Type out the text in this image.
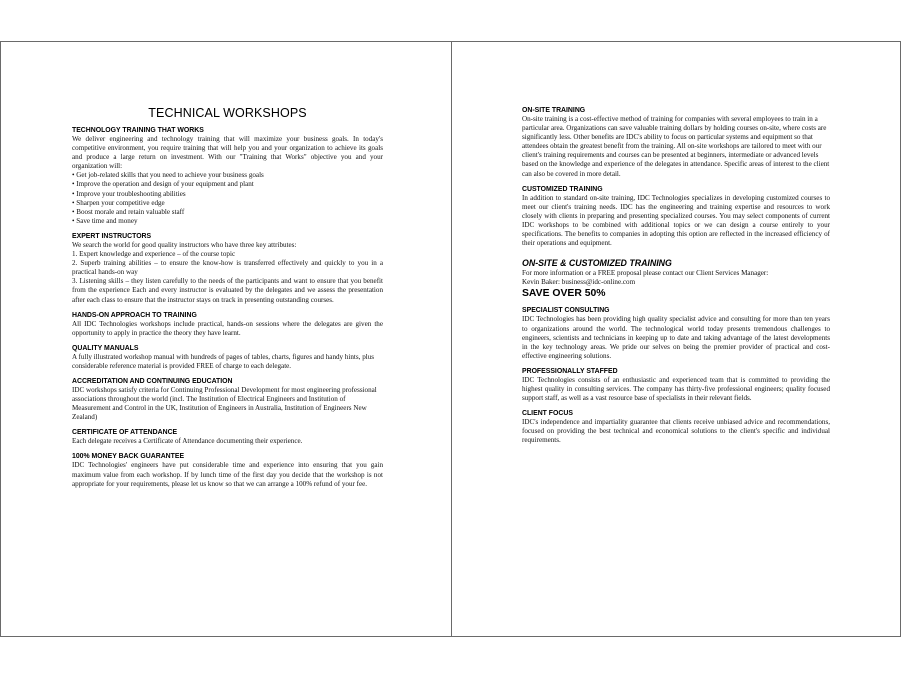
TECHNICAL WORKSHOPS
TECHNOLOGY TRAINING THAT WORKS

We deliver engineering and technology training that will maximize your business goals. In today's competitive environment, you require training that will help you and your organization to achieve its goals and produce a large return on investment. With our "Training that Works" objective you and your organization will:

• Get job-related skills that you need to achieve your business goals

• Improve the operation and design of your equipment and plant

• Improve your troubleshooting abilities

• Sharpen your competitive edge

• Boost morale and retain valuable staff

• Save time and money

EXPERT INSTRUCTORS

We search the world for good quality instructors who have three key attributes:

1. Expert knowledge and experience – of the course topic

2. Superb training abilities – to ensure the know-how is transferred effectively and quickly to you in a practical hands-on way

3. Listening skills – they listen carefully to the needs of the participants and want to ensure that you benefit from the experience Each and every instructor is evaluated by the delegates and we assess the presentation after each class to ensure that the instructor stays on track in presenting outstanding courses.

HANDS-ON APPROACH TO TRAINING

All IDC Technologies workshops include practical, hands-on sessions where the delegates are given the opportunity to apply in practice the theory they have learnt.

QUALITY MANUALS

A fully illustrated workshop manual with hundreds of pages of tables, charts, figures and handy hints, plus considerable reference material is provided FREE of charge to each delegate.

ACCREDITATION AND CONTINUING EDUCATION

IDC workshops satisfy criteria for Continuing Professional Development for most engineering professional associations throughout the world (incl. The Institution of Electrical Engineers and Institution of Measurement and Control in the UK, Institution of Engineers in Australia, Institution of Engineers New Zealand)

CERTIFICATE OF ATTENDANCE

Each delegate receives a Certificate of Attendance documenting their experience.

100% MONEY BACK GUARANTEE

IDC Technologies' engineers have put considerable time and experience into ensuring that you gain maximum value from each workshop. If by lunch time of the first day you decide that the workshop is not appropriate for your requirements, please let us know so that we can arrange a 100% refund of your fee.

ON-SITE TRAINING

On-site training is a cost-effective method of training for companies with several employees to train in a particular area. Organizations can save valuable training dollars by holding courses on-site, where costs are significantly less. Other benefits are IDC's ability to focus on particular systems and equipment so that attendees obtain the greatest benefit from the training. All on-site workshops are tailored to meet with our client's training requirements and courses can be presented at beginners, intermediate or advanced levels based on the knowledge and experience of the delegates in attendance. Specific areas of interest to the client can also be covered in more detail.

CUSTOMIZED TRAINING

In addition to standard on-site training, IDC Technologies specializes in developing customized courses to meet our client's training needs. IDC has the engineering and training expertise and resources to work closely with clients in preparing and presenting specialized courses. You may select components of current IDC workshops to be combined with additional topics or we can design a course entirely to your specifications. The benefits to companies in adopting this option are reflected in the increased efficiency of their operations and equipment.

ON-SITE & CUSTOMIZED TRAINING

For more information or a FREE proposal please contact our Client Services Manager:

Kevin Baker: business@idc-online.com

SAVE OVER 50%
SPECIALIST CONSULTING

IDC Technologies has been providing high quality specialist advice and consulting for more than ten years to organizations around the world. The technological world today presents tremendous challenges to engineers, scientists and technicians in keeping up to date and taking advantage of the latest developments in the key technology areas. We pride our selves on being the premier provider of practical and cost-effective engineering solutions.

PROFESSIONALLY STAFFED

IDC Technologies consists of an enthusiastic and experienced team that is committed to providing the highest quality in consulting services. The company has thirty-five professional engineers; quality focused support staff, as well as a vast resource base of specialists in their relevant fields.

CLIENT FOCUS

IDC's independence and impartiality guarantee that clients receive unbiased advice and recommendations, focused on providing the best technical and economical solutions to the client's specific and individual requirements.
